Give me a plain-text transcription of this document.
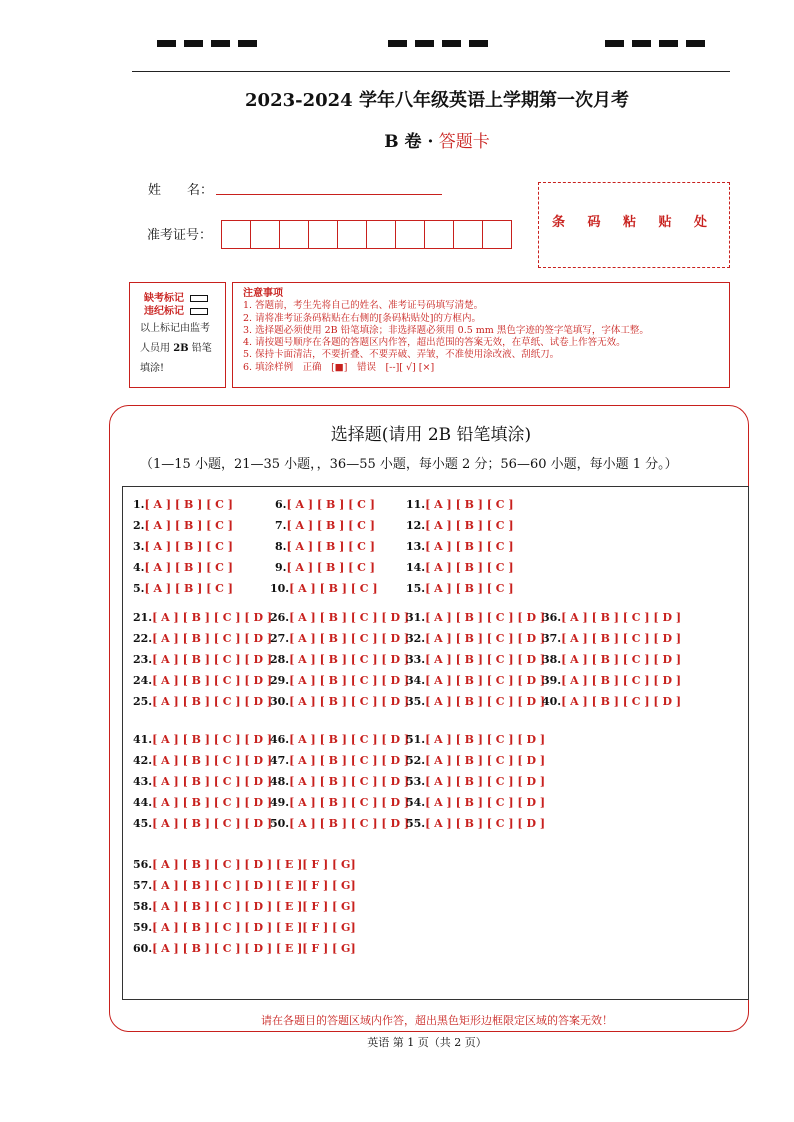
2023-2024 学年八年级英语上学期第一次月考
B 卷 · 答题卡
姓　　名：
准考证号：
条 码 粘 贴 处
缺考标记
违纪标记
以上标记由监考
人员用 2B 铅笔
填涂!
注意事项
1. 答题前，考生先将自己的姓名、准考证号码填写清楚。
2. 请将准考证条码粘贴在右侧的[条码粘贴处]的方框内。
3. 选择题必须使用 2B 铅笔填涂；非选择题必须用 0.5 mm 黑色字迹的签字笔填写，字体工整。
4. 请按题号顺序在各题的答题区内作答，超出范围的答案无效，在草纸、试卷上作答无效。
5. 保持卡面清洁，不要折叠、不要弄破、弄皱，不准使用涂改液、刮纸刀。
6. 填涂样例　正确　[■]　错误　[--][ √] [×]
选择题(请用 2B 铅笔填涂)
（1—15 小题，21—35 小题，，36—55 小题，每小题 2 分；56—60 小题，每小题 1 分。）
1.[ A ] [ B ] [ C ]
2.[ A ] [ B ] [ C ]
3.[ A ] [ B ] [ C ]
4.[ A ] [ B ] [ C ]
5.[ A ] [ B ] [ C ]
6.[ A ] [ B ] [ C ]
7.[ A ] [ B ] [ C ]
8.[ A ] [ B ] [ C ]
9.[ A ] [ B ] [ C ]
10.[ A ] [ B ] [ C ]
11.[ A ] [ B ] [ C ]
12.[ A ] [ B ] [ C ]
13.[ A ] [ B ] [ C ]
14.[ A ] [ B ] [ C ]
15.[ A ] [ B ] [ C ]
21.[ A ] [ B ] [ C ] [ D ]
22.[ A ] [ B ] [ C ] [ D ]
23.[ A ] [ B ] [ C ] [ D ]
24.[ A ] [ B ] [ C ] [ D ]
25.[ A ] [ B ] [ C ] [ D ]
26.[ A ] [ B ] [ C ] [ D ]
27.[ A ] [ B ] [ C ] [ D ]
28.[ A ] [ B ] [ C ] [ D ]
29.[ A ] [ B ] [ C ] [ D ]
30.[ A ] [ B ] [ C ] [ D ]
31.[ A ] [ B ] [ C ] [ D ]
32.[ A ] [ B ] [ C ] [ D ]
33.[ A ] [ B ] [ C ] [ D ]
34.[ A ] [ B ] [ C ] [ D ]
35.[ A ] [ B ] [ C ] [ D ]
36.[ A ] [ B ] [ C ] [ D ]
37.[ A ] [ B ] [ C ] [ D ]
38.[ A ] [ B ] [ C ] [ D ]
39.[ A ] [ B ] [ C ] [ D ]
40.[ A ] [ B ] [ C ] [ D ]
41.[ A ] [ B ] [ C ] [ D ]
42.[ A ] [ B ] [ C ] [ D ]
43.[ A ] [ B ] [ C ] [ D ]
44.[ A ] [ B ] [ C ] [ D ]
45.[ A ] [ B ] [ C ] [ D ]
46.[ A ] [ B ] [ C ] [ D ]
47.[ A ] [ B ] [ C ] [ D ]
48.[ A ] [ B ] [ C ] [ D ]
49.[ A ] [ B ] [ C ] [ D ]
50.[ A ] [ B ] [ C ] [ D ]
51.[ A ] [ B ] [ C ] [ D ]
52.[ A ] [ B ] [ C ] [ D ]
53.[ A ] [ B ] [ C ] [ D ]
54.[ A ] [ B ] [ C ] [ D ]
55.[ A ] [ B ] [ C ] [ D ]
56.[ A ] [ B ] [ C ] [ D ] [ E ][ F ] [ G]
57.[ A ] [ B ] [ C ] [ D ] [ E ][ F ] [ G]
58.[ A ] [ B ] [ C ] [ D ] [ E ][ F ] [ G]
59.[ A ] [ B ] [ C ] [ D ] [ E ][ F ] [ G]
60.[ A ] [ B ] [ C ] [ D ] [ E ][ F ] [ G]
请在各题目的答题区域内作答，超出黑色矩形边框限定区域的答案无效！
英语 第 1 页（共 2 页）
